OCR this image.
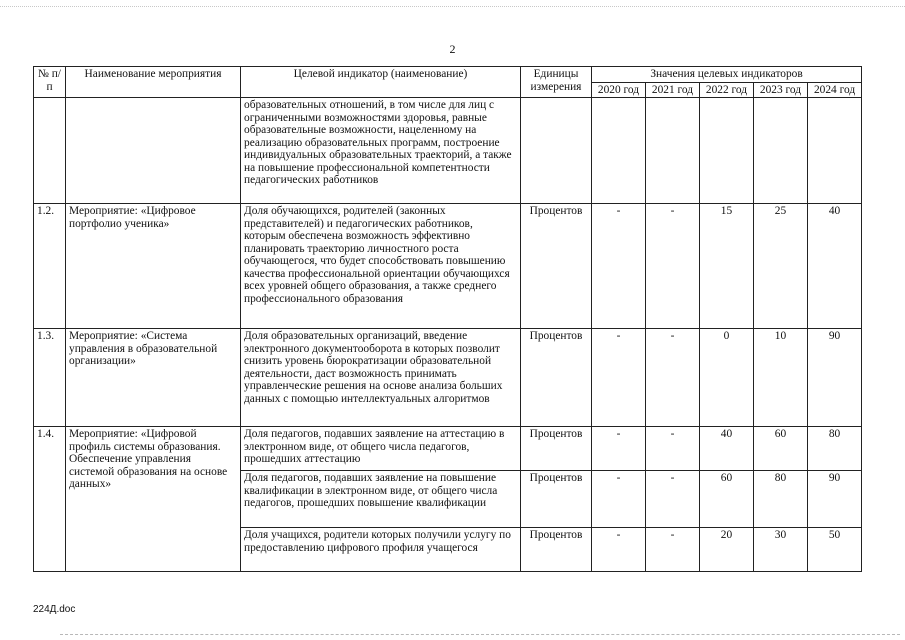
2
№ п/п	Наименование мероприятия	Целевой индикатор (наименование)	Единицы измерения	Значения целевых индикаторов				
				2020 год	2021 год	2022 год	2023 год	2024 год
		образовательных отношений, в том числе для лиц с ограниченными возможностями здоровья, равные образовательные возможности, нацеленному на реализацию образовательных программ, построение индивидуальных образовательных траекторий, а также на повышение профессиональной компетентности педагогических работников						
1.2.	Мероприятие: «Цифровое портфолио ученика»	Доля обучающихся, родителей (законных представителей) и педагогических работников, которым обеспечена возможность эффективно планировать траекторию личностного роста обучающегося, что будет способствовать повышению качества профессиональной ориентации обучающихся всех уровней общего образования, а также среднего профессионального образования	Процентов	-	-	15	25	40
1.3.	Мероприятие: «Система управления в образовательной организации»	Доля образовательных организаций, введение электронного документооборота в которых позволит снизить уровень бюрократизации образовательной деятельности, даст возможность принимать управленческие решения на основе анализа больших данных с помощью интеллектуальных алгоритмов	Процентов	-	-	0	10	90
1.4.	Мероприятие: «Цифровой профиль системы образования. Обеспечение управления системой образования на основе данных»	Доля педагогов, подавших заявление на аттестацию в электронном виде, от общего числа педагогов, прошедших аттестацию	Процентов	-	-	40	60	80
		Доля педагогов, подавших заявление на повышение квалификации в электронном виде, от общего числа педагогов, прошедших повышение квалификации	Процентов	-	-	60	80	90
		Доля учащихся, родители которых получили услугу по предоставлению цифрового профиля учащегося	Процентов	-	-	20	30	50
224Д.doc
